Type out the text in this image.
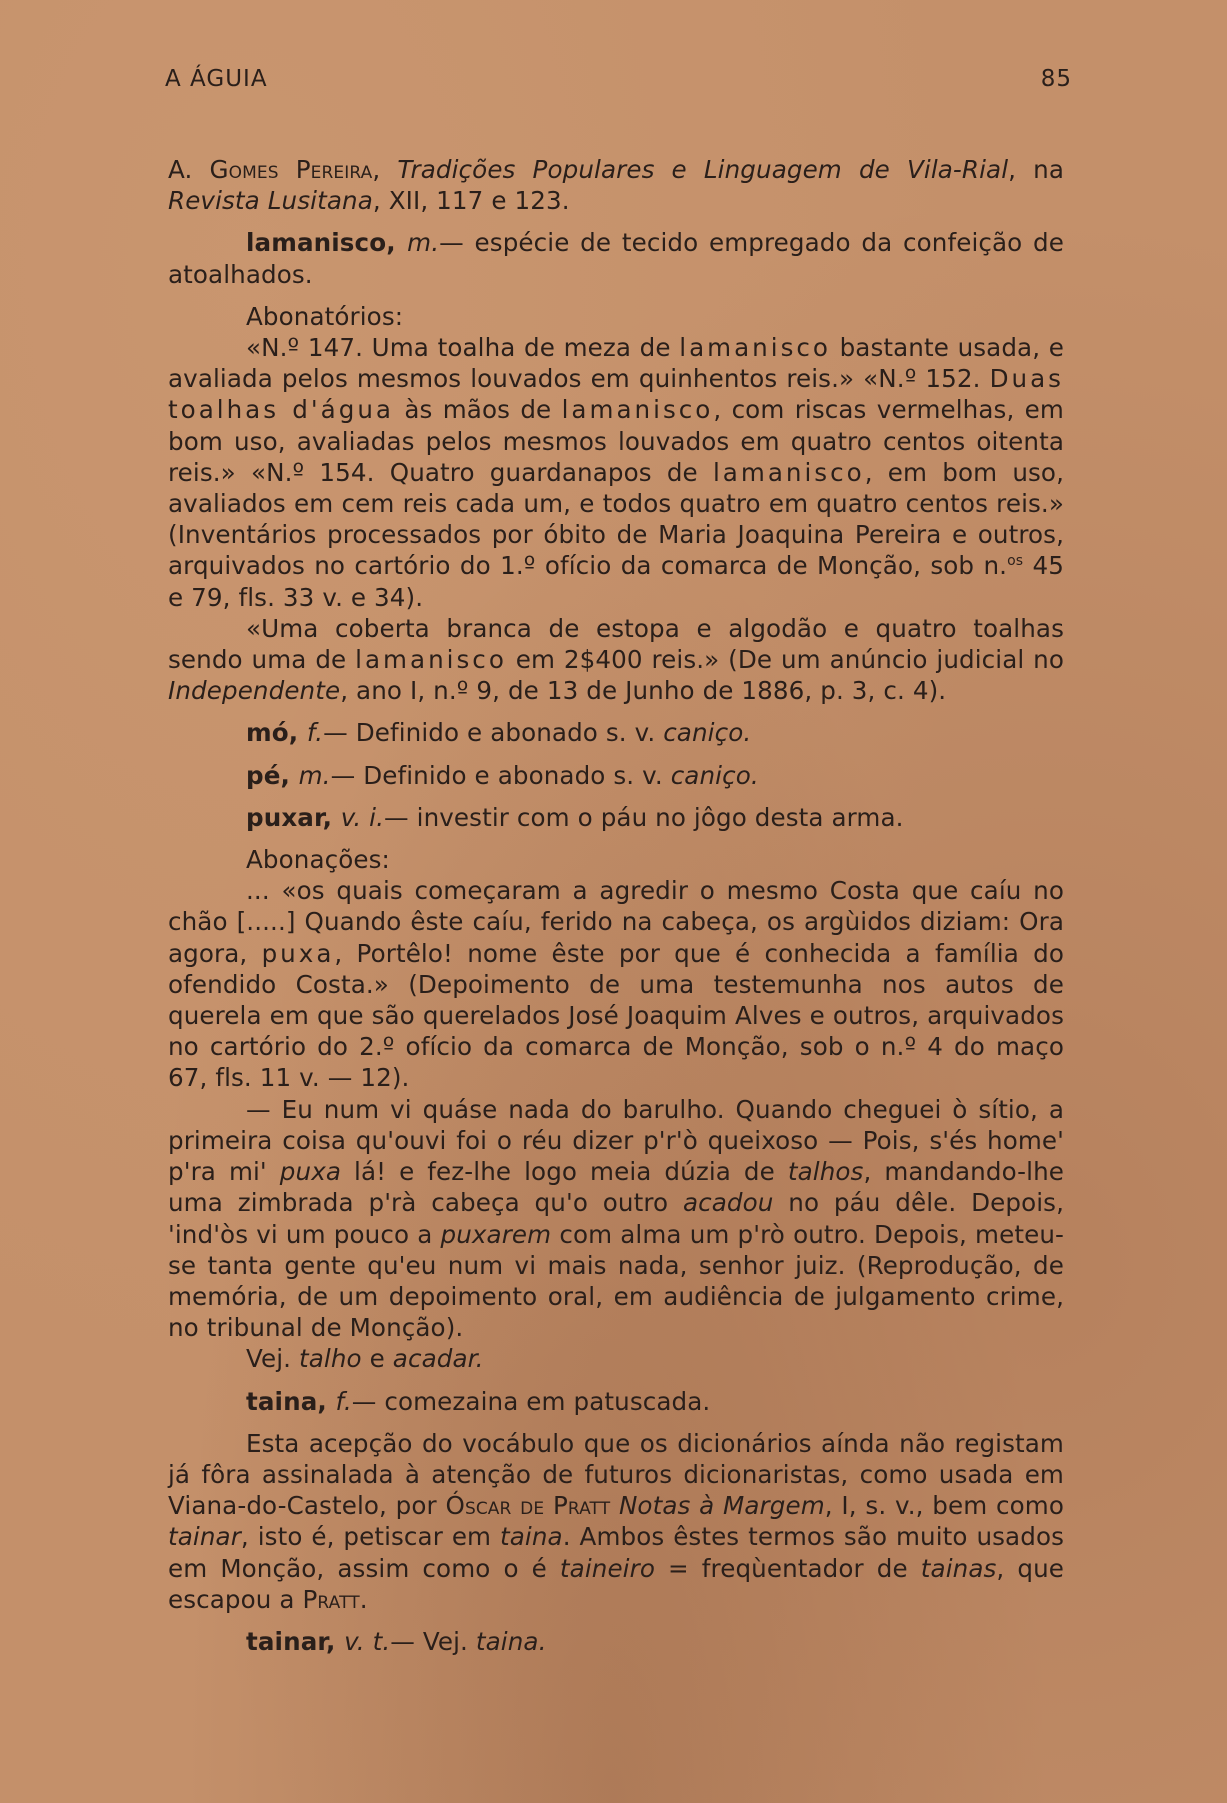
A ÁGUIA	85

A. Gomes Pereira, Tradições Populares e Linguagem de Vila-Rial, na Revista Lusitana, XII, 117 e 123.

lamanisco, m.— espécie de tecido empregado da confeição de atoalhados.

Abonatórios:

«N.º 147. Uma toalha de meza de lamanisco bastante usada, e avaliada pelos mesmos louvados em quinhentos reis.» «N.º 152. Duas toalhas d'água às mãos de lamanisco, com riscas vermelhas, em bom uso, avaliadas pelos mesmos louvados em quatro centos oitenta reis.» «N.º 154. Quatro guardanapos de lamanisco, em bom uso, avaliados em cem reis cada um, e todos quatro em quatro centos reis.» (Inventários processados por óbito de Maria Joaquina Pereira e outros, arquivados no cartório do 1.º ofício da comarca de Monção, sob n.$^{os}$ 45 e 79, fls. 33 v. e 34).

«Uma coberta branca de estopa e algodão e quatro toalhas sendo uma de lamanisco em 2$400 reis.» (De um anúncio judicial no Independente, ano I, n.º 9, de 13 de Junho de 1886, p. 3, c. 4).

mó, f.— Definido e abonado s. v. caniço.

pé, m.— Definido e abonado s. v. caniço.

puxar, v. i.— investir com o páu no jôgo desta arma.

Abonações:

... «os quais começaram a agredir o mesmo Costa que caíu no chão [.....] Quando êste caíu, ferido na cabeça, os argùidos diziam: Ora agora, puxa, Portêlo! nome êste por que é conhecida a família do ofendido Costa.» (Depoimento de uma testemunha nos autos de querela em que são querelados José Joaquim Alves e outros, arquivados no cartório do 2.º ofício da comarca de Monção, sob o n.º 4 do maço 67, fls. 11 v. — 12).

— Eu num vi quáse nada do barulho. Quando cheguei ò sítio, a primeira coisa qu'ouvi foi o réu dizer p'r'ò queixoso — Pois, s'és home' p'ra mi' puxa lá! e fez-lhe logo meia dúzia de talhos, mandando-lhe uma zimbrada p'rà cabeça qu'o outro acadou no páu dêle. Depois, 'ind'òs vi um pouco a puxarem com alma um p'rò outro. Depois, meteu-se tanta gente qu'eu num vi mais nada, senhor juiz. (Reprodução, de memória, de um depoimento oral, em audiência de julgamento crime, no tribunal de Monção).

Vej. talho e acadar.

taina, f.— comezaina em patuscada.

Esta acepção do vocábulo que os dicionários aínda não registam já fôra assinalada à atenção de futuros dicionaristas, como usada em Viana-do-Castelo, por Óscar de Pratt Notas à Margem, I, s. v., bem como tainar, isto é, petiscar em taina. Ambos êstes termos são muito usados em Monção, assim como o é taineiro = freqùentador de tainas, que escapou a Pratt.

tainar, v. t.— Vej. taina.
